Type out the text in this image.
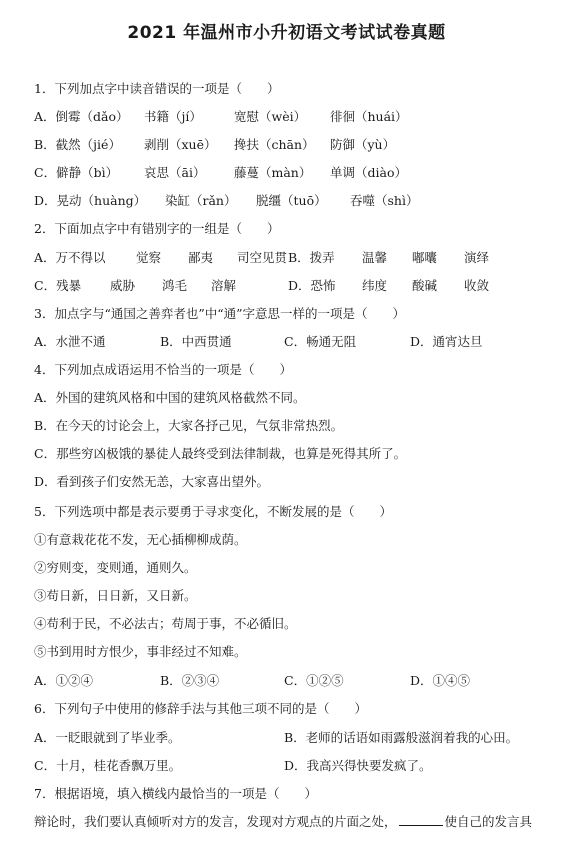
2021 年温州市小升初语文考试试卷真题
1．下列加点字中读音错误的一项是（　　）
A．倒霉（dǎo） 书籍（jí）	宽慰（wèi） 徘徊（huái）
B．截然（jié） 剥削（xuē） 搀扶（chān） 防御（yù）
C．僻静（bì） 哀思（āi） 藤蔓（màn） 单调（diào）
D．晃动（huàng） 染缸（rǎn） 脱缰（tuō） 吞噬（shì）
2．下面加点字中有错别字的一组是（　　）
A．万不得以 觉察 鄙夷 司空见贯 B．拨弄 温馨 嘟囔 演绎
C．残暴 威胁 鸿毛 溶解	D．恐怖 纬度 酸碱 收敛
3．加点字与“通国之善弈者也”中“通”字意思一样的一项是（　　）
A．水泄不通	B．中西贯通	C．畅通无阻	D．通宵达旦
4．下列加点成语运用不恰当的一项是（　　）
A．外国的建筑风格和中国的建筑风格截然不同。
B．在今天的讨论会上，大家各抒己见，气氛非常热烈。
C．那些穷凶极饿的暴徒人最终受到法律制裁，也算是死得其所了。
D．看到孩子们安然无恙，大家喜出望外。
5．下列选项中都是表示要勇于寻求变化，不断发展的是（　　）
①有意栽花花不发，无心插柳柳成荫。
②穷则变，变则通，通则久。
③苟日新，日日新，又日新。
④苟利于民，不必法古；苟周于事，不必循旧。
⑤书到用时方恨少，事非经过不知难。
A．①②④	B．②③④	C．①②⑤	D．①④⑤
6．下列句子中使用的修辞手法与其他三项不同的是（　　）
A．一眨眼就到了毕业季。	B．老师的话语如雨露般滋润着我的心田。
C．十月，桂花香飘万里。	D．我高兴得快要发疯了。
7．根据语境，填入横线内最恰当的一项是（　　）
辩论时，我们要认真倾听对方的发言，发现对方观点的片面之处，	使自己的发言具
